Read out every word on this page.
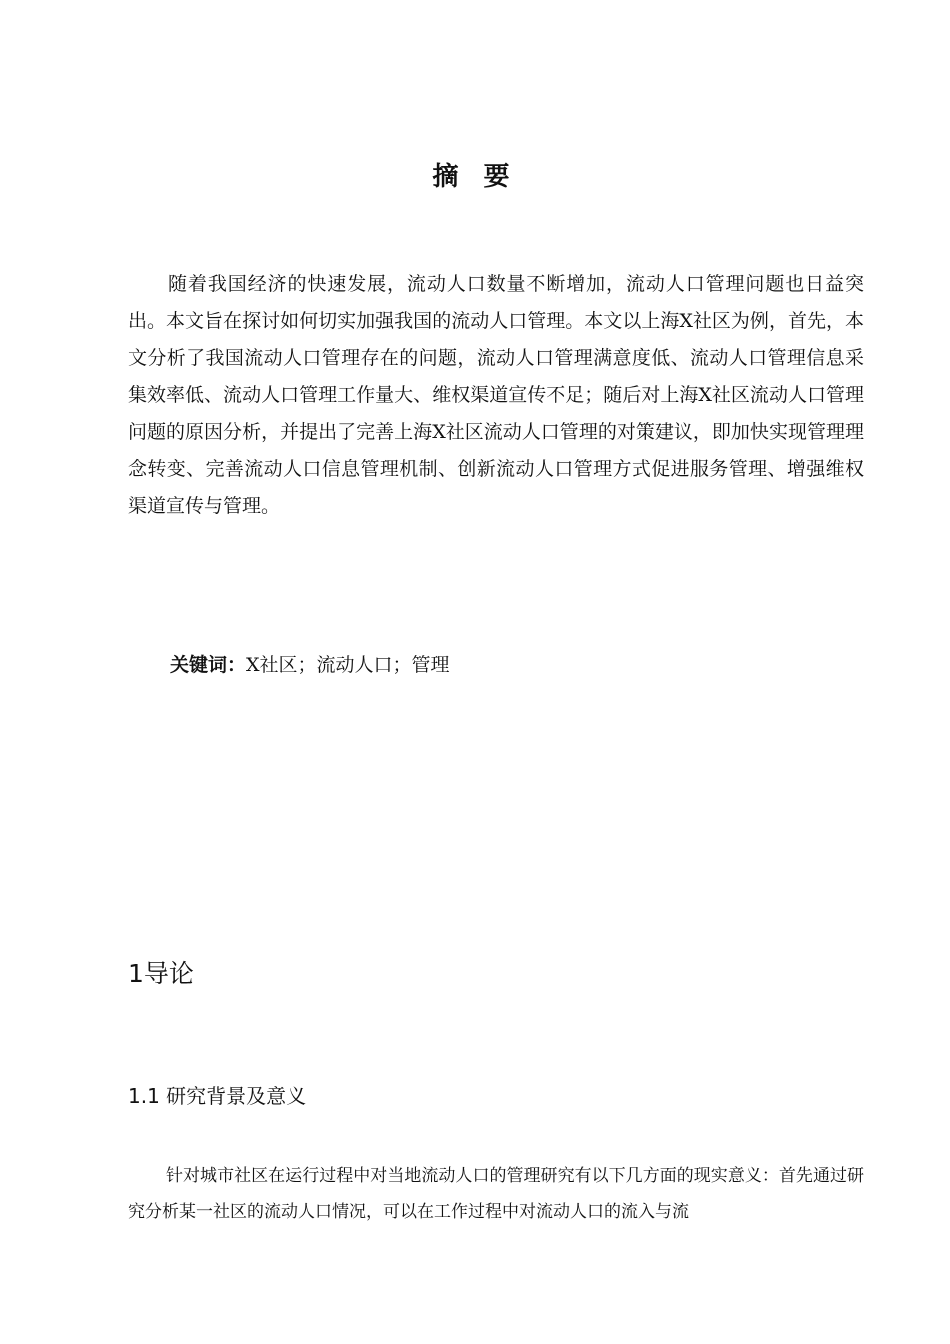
摘 要

随着我国经济的快速发展，流动人口数量不断增加，流动人口管理问题也日益突出。本文旨在探讨如何切实加强我国的流动人口管理。本文以上海X社区为例，首先，本文分析了我国流动人口管理存在的问题，流动人口管理满意度低、流动人口管理信息采集效率低、流动人口管理工作量大、维权渠道宣传不足；随后对上海X社区流动人口管理问题的原因分析，并提出了完善上海X社区流动人口管理的对策建议，即加快实现管理理念转变、完善流动人口信息管理机制、创新流动人口管理方式促进服务管理、增强维权渠道宣传与管理。

关键词：X社区；流动人口；管理
1导论
1.1 研究背景及意义

针对城市社区在运行过程中对当地流动人口的管理研究有以下几方面的现实意义：首先通过研究分析某一社区的流动人口情况，可以在工作过程中对流动人口的流入与流
